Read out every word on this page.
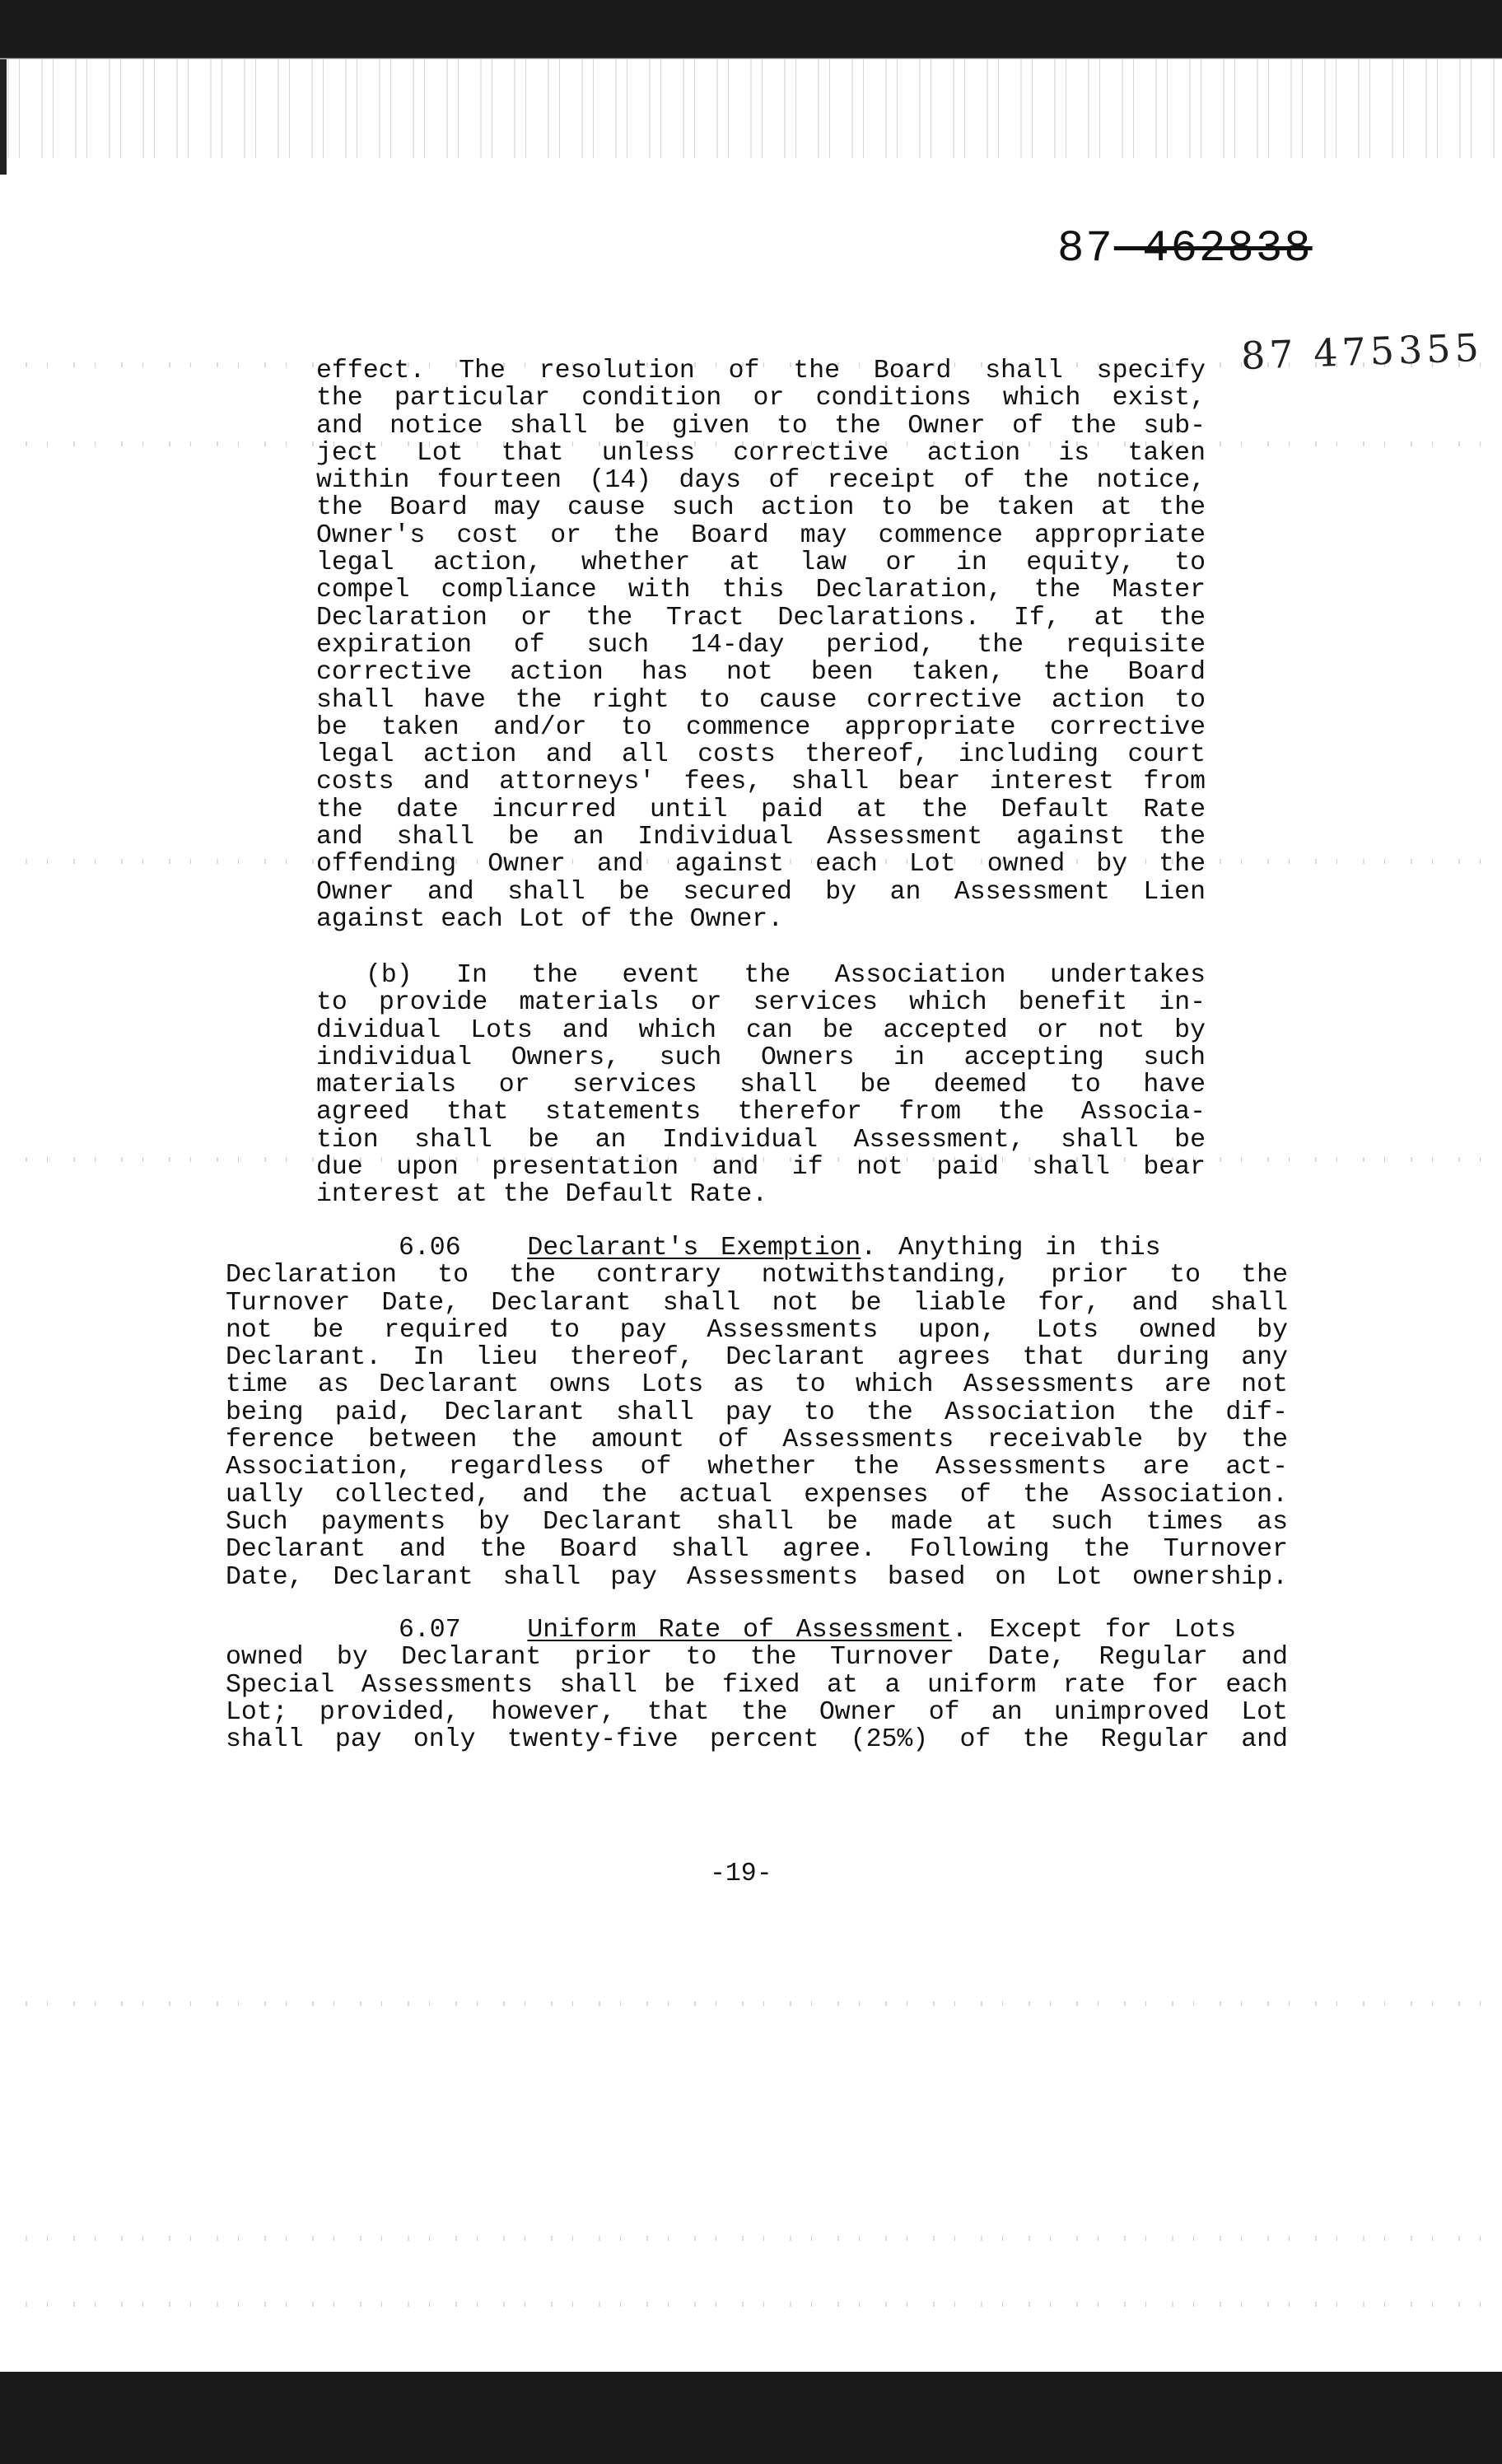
87-462838
87 475355
effect. The resolution of the Board shall specify
the particular condition or conditions which exist,
and notice shall be given to the Owner of the sub-
ject Lot that unless corrective action is taken
within fourteen (14) days of receipt of the notice,
the Board may cause such action to be taken at the
Owner's cost or the Board may commence appropriate
legal action, whether at law or in equity, to
compel compliance with this Declaration, the Master
Declaration or the Tract Declarations. If, at the
expiration of such 14-day period, the requisite
corrective action has not been taken, the Board
shall have the right to cause corrective action to
be taken and/or to commence appropriate corrective
legal action and all costs thereof, including court
costs and attorneys' fees, shall bear interest from
the date incurred until paid at the Default Rate
and shall be an Individual Assessment against the
offending Owner and against each Lot owned by the
Owner and shall be secured by an Assessment Lien
against each Lot of the Owner.
(b) In the event the Association undertakes
to provide materials or services which benefit in-
dividual Lots and which can be accepted or not by
individual Owners, such Owners in accepting such
materials or services shall be deemed to have
agreed that statements therefor from the Associa-
tion shall be an Individual Assessment, shall be
due upon presentation and if not paid shall bear
interest at the Default Rate.
6.06	Declarant's Exemption. Anything in this
Declaration to the contrary notwithstanding, prior to the
Turnover Date, Declarant shall not be liable for, and shall
not be required to pay Assessments upon, Lots owned by
Declarant. In lieu thereof, Declarant agrees that during any
time as Declarant owns Lots as to which Assessments are not
being paid, Declarant shall pay to the Association the dif-
ference between the amount of Assessments receivable by the
Association, regardless of whether the Assessments are act-
ually collected, and the actual expenses of the Association.
Such payments by Declarant shall be made at such times as
Declarant and the Board shall agree. Following the Turnover
Date, Declarant shall pay Assessments based on Lot ownership.
6.07	Uniform Rate of Assessment. Except for Lots
owned by Declarant prior to the Turnover Date, Regular and
Special Assessments shall be fixed at a uniform rate for each
Lot; provided, however, that the Owner of an unimproved Lot
shall pay only twenty-five percent (25%) of the Regular and
-19-
